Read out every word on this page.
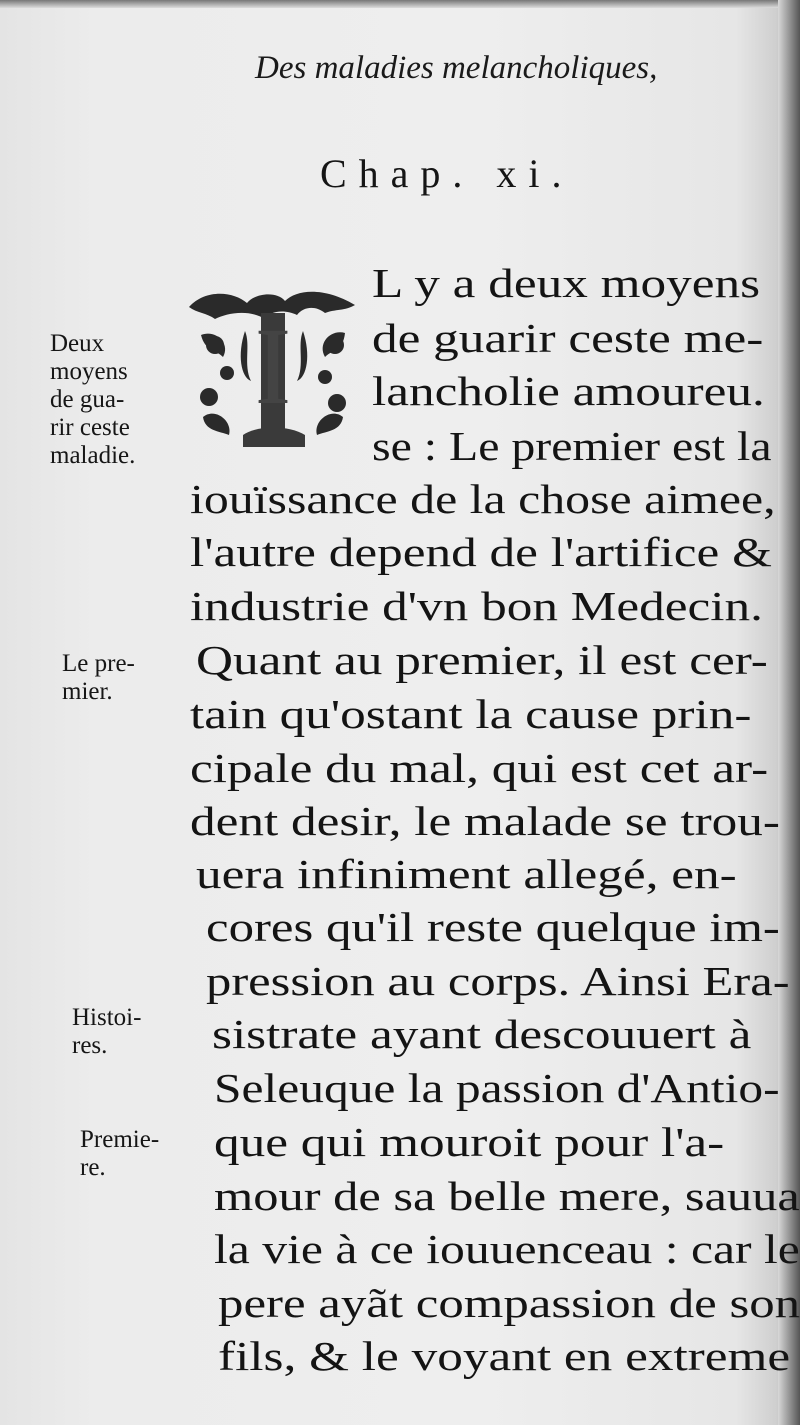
Des maladies melancholiques,
Chap. xi.
I
L y a deux moyens
de guarir ceste me-
lancholie amoureu.
se : Le premier est la
iouïssance de la chose aimee,
l'autre depend de l'artifice &
industrie d'vn bon Medecin.
Quant au premier, il est cer-
tain qu'ostant la cause prin-
cipale du mal, qui est cet ar-
dent desir, le malade se trou-
uera infiniment allegé, en-
cores qu'il reste quelque im-
pression au corps. Ainsi Era-
sistrate ayant descouuert à
Seleuque la passion d'Antio-
que qui mouroit pour l'a-
mour de sa belle mere, sauua
la vie à ce iouuenceau : car le
pere ayãt compassion de son
fils, & le voyant en extreme
Deux
moyens
de gua-
rir ceste
maladie.
Le pre-
mier.
Histoi-
res.
Premie-
re.
